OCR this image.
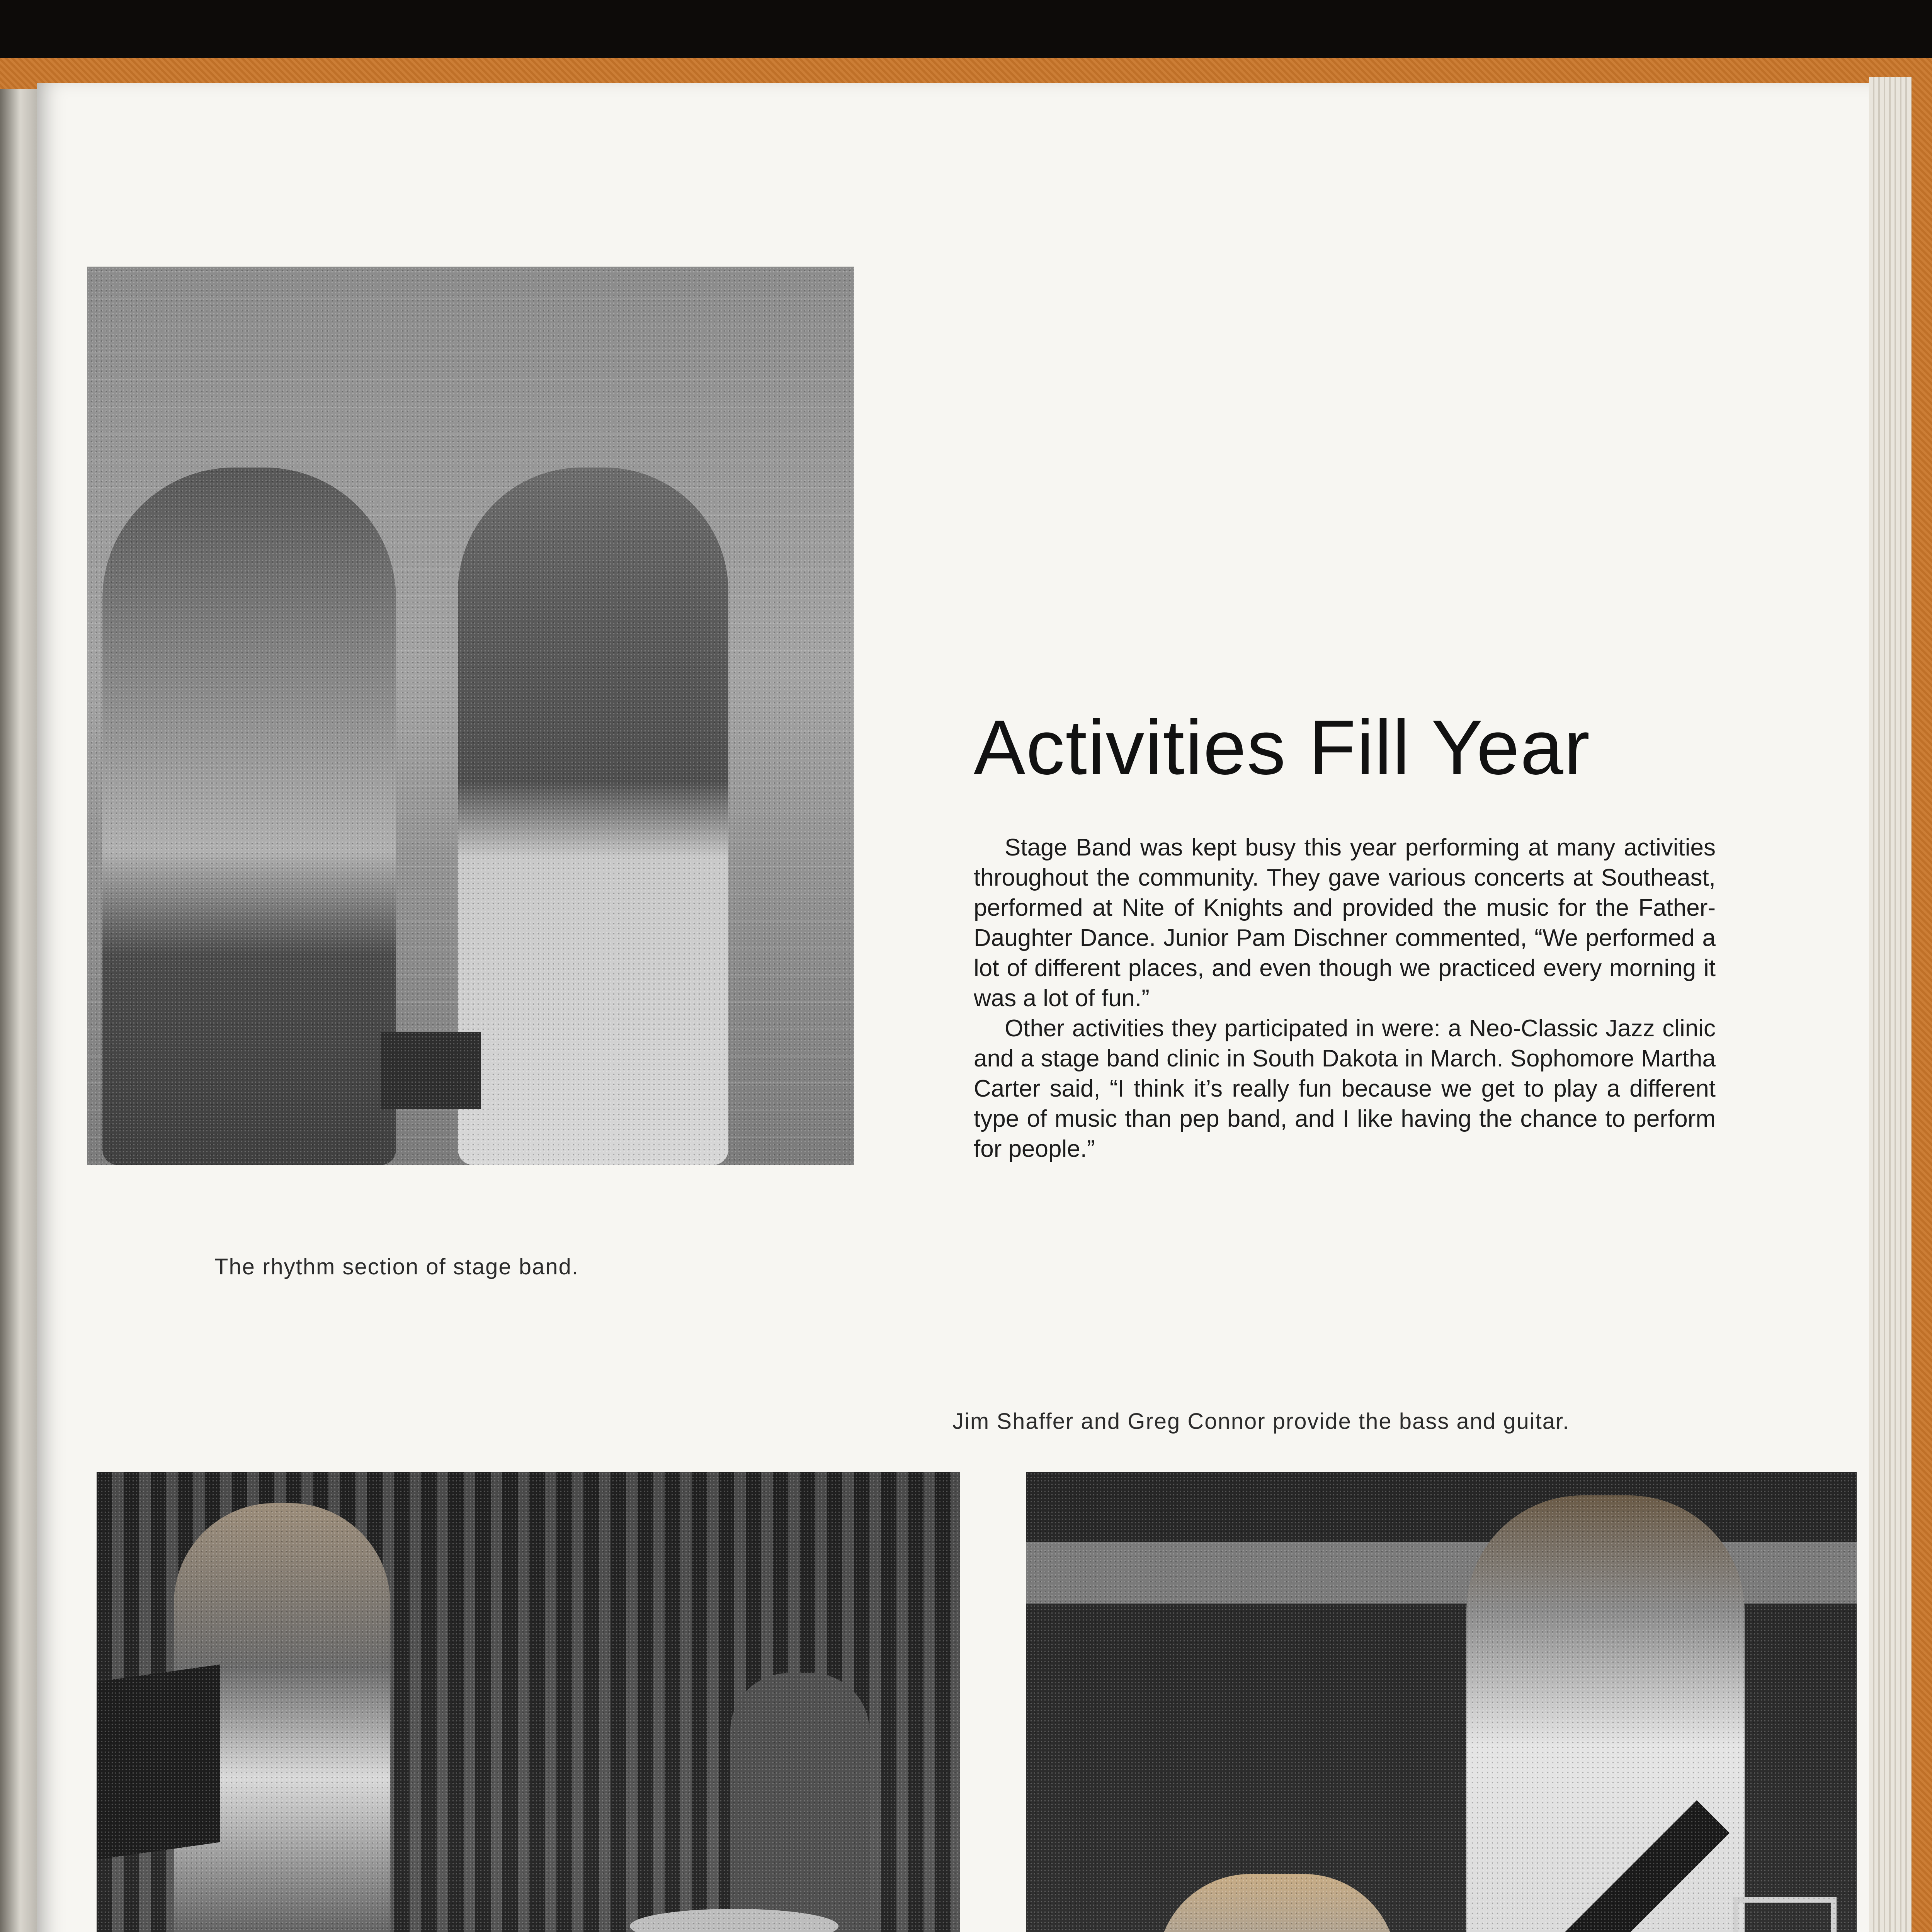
The rhythm section of stage band.
Activities Fill Year

Stage Band was kept busy this year performing at many activities throughout the community. They gave various concerts at Southeast, performed at Nite of Knights and provided the music for the Father-Daughter Dance. Junior Pam Dischner commented, “We performed a lot of different places, and even though we practiced every morning it was a lot of fun.”

Other activities they participated in were: a Neo-Classic Jazz clinic and a stage band clinic in South Dakota in March. Sophomore Martha Carter said, “I think it’s really fun because we get to play a different type of music than pep band, and I like having the chance to perform for people.”

Jim Shaffer and Greg Connor provide the bass and guitar.
